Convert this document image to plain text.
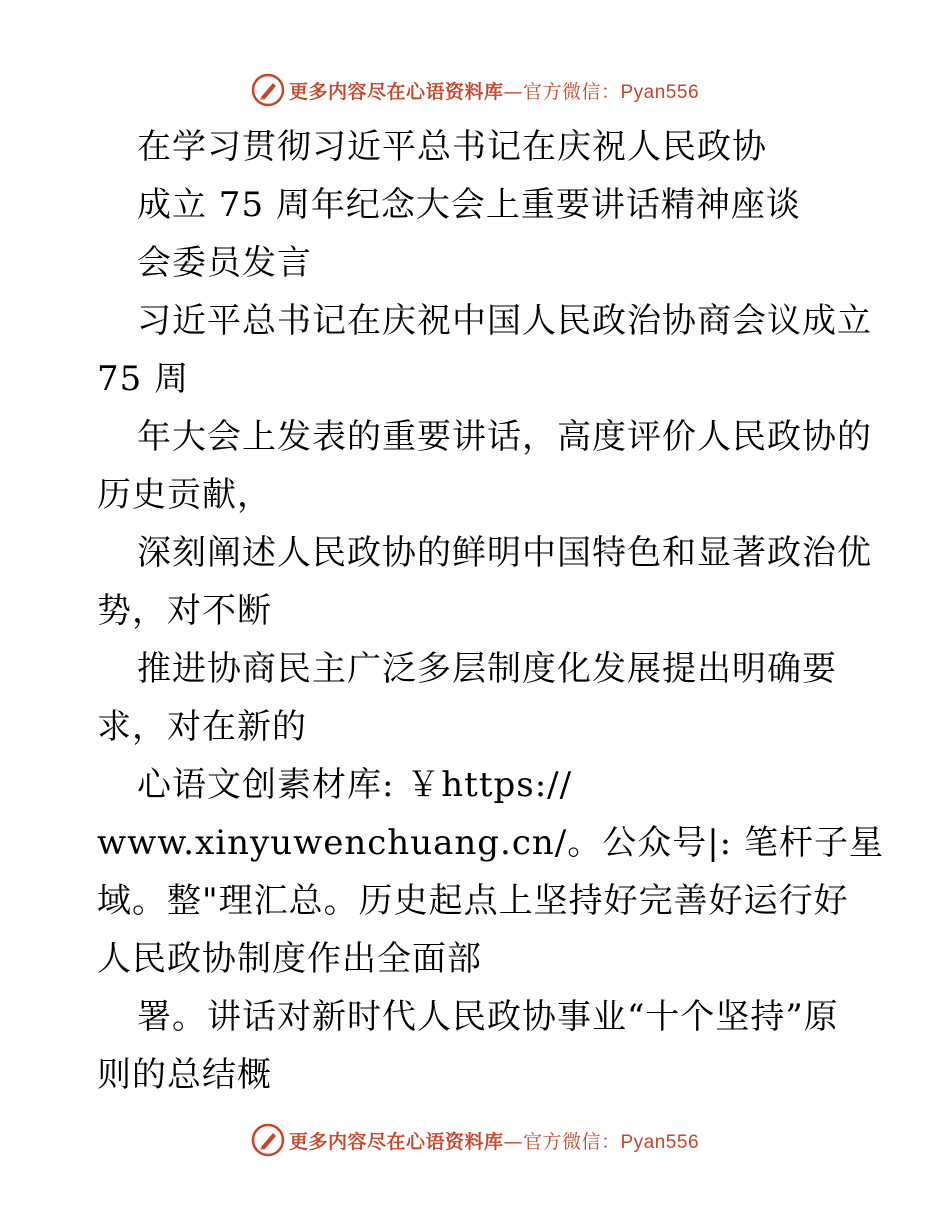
更多内容尽在心语资料库—官方微信：Pyan556
在学习贯彻习近平总书记在庆祝人民政协
成立 75 周年纪念大会上重要讲话精神座谈
会委员发言
习近平总书记在庆祝中国人民政治协商会议成立
75 周
年大会上发表的重要讲话，高度评价人民政协的
历史贡献，
深刻阐述人民政协的鲜明中国特色和显著政治优
势，对不断
推进协商民主广泛多层制度化发展提出明确要
求，对在新的
心语文创素材库: ￥https://
www.xinyuwenchuang.cn/。公众号|: 笔杆子星
域。整"理汇总。历史起点上坚持好完善好运行好
人民政协制度作出全面部
署。讲话对新时代人民政协事业“十个坚持”原
则的总结概
更多内容尽在心语资料库—官方微信：Pyan556
